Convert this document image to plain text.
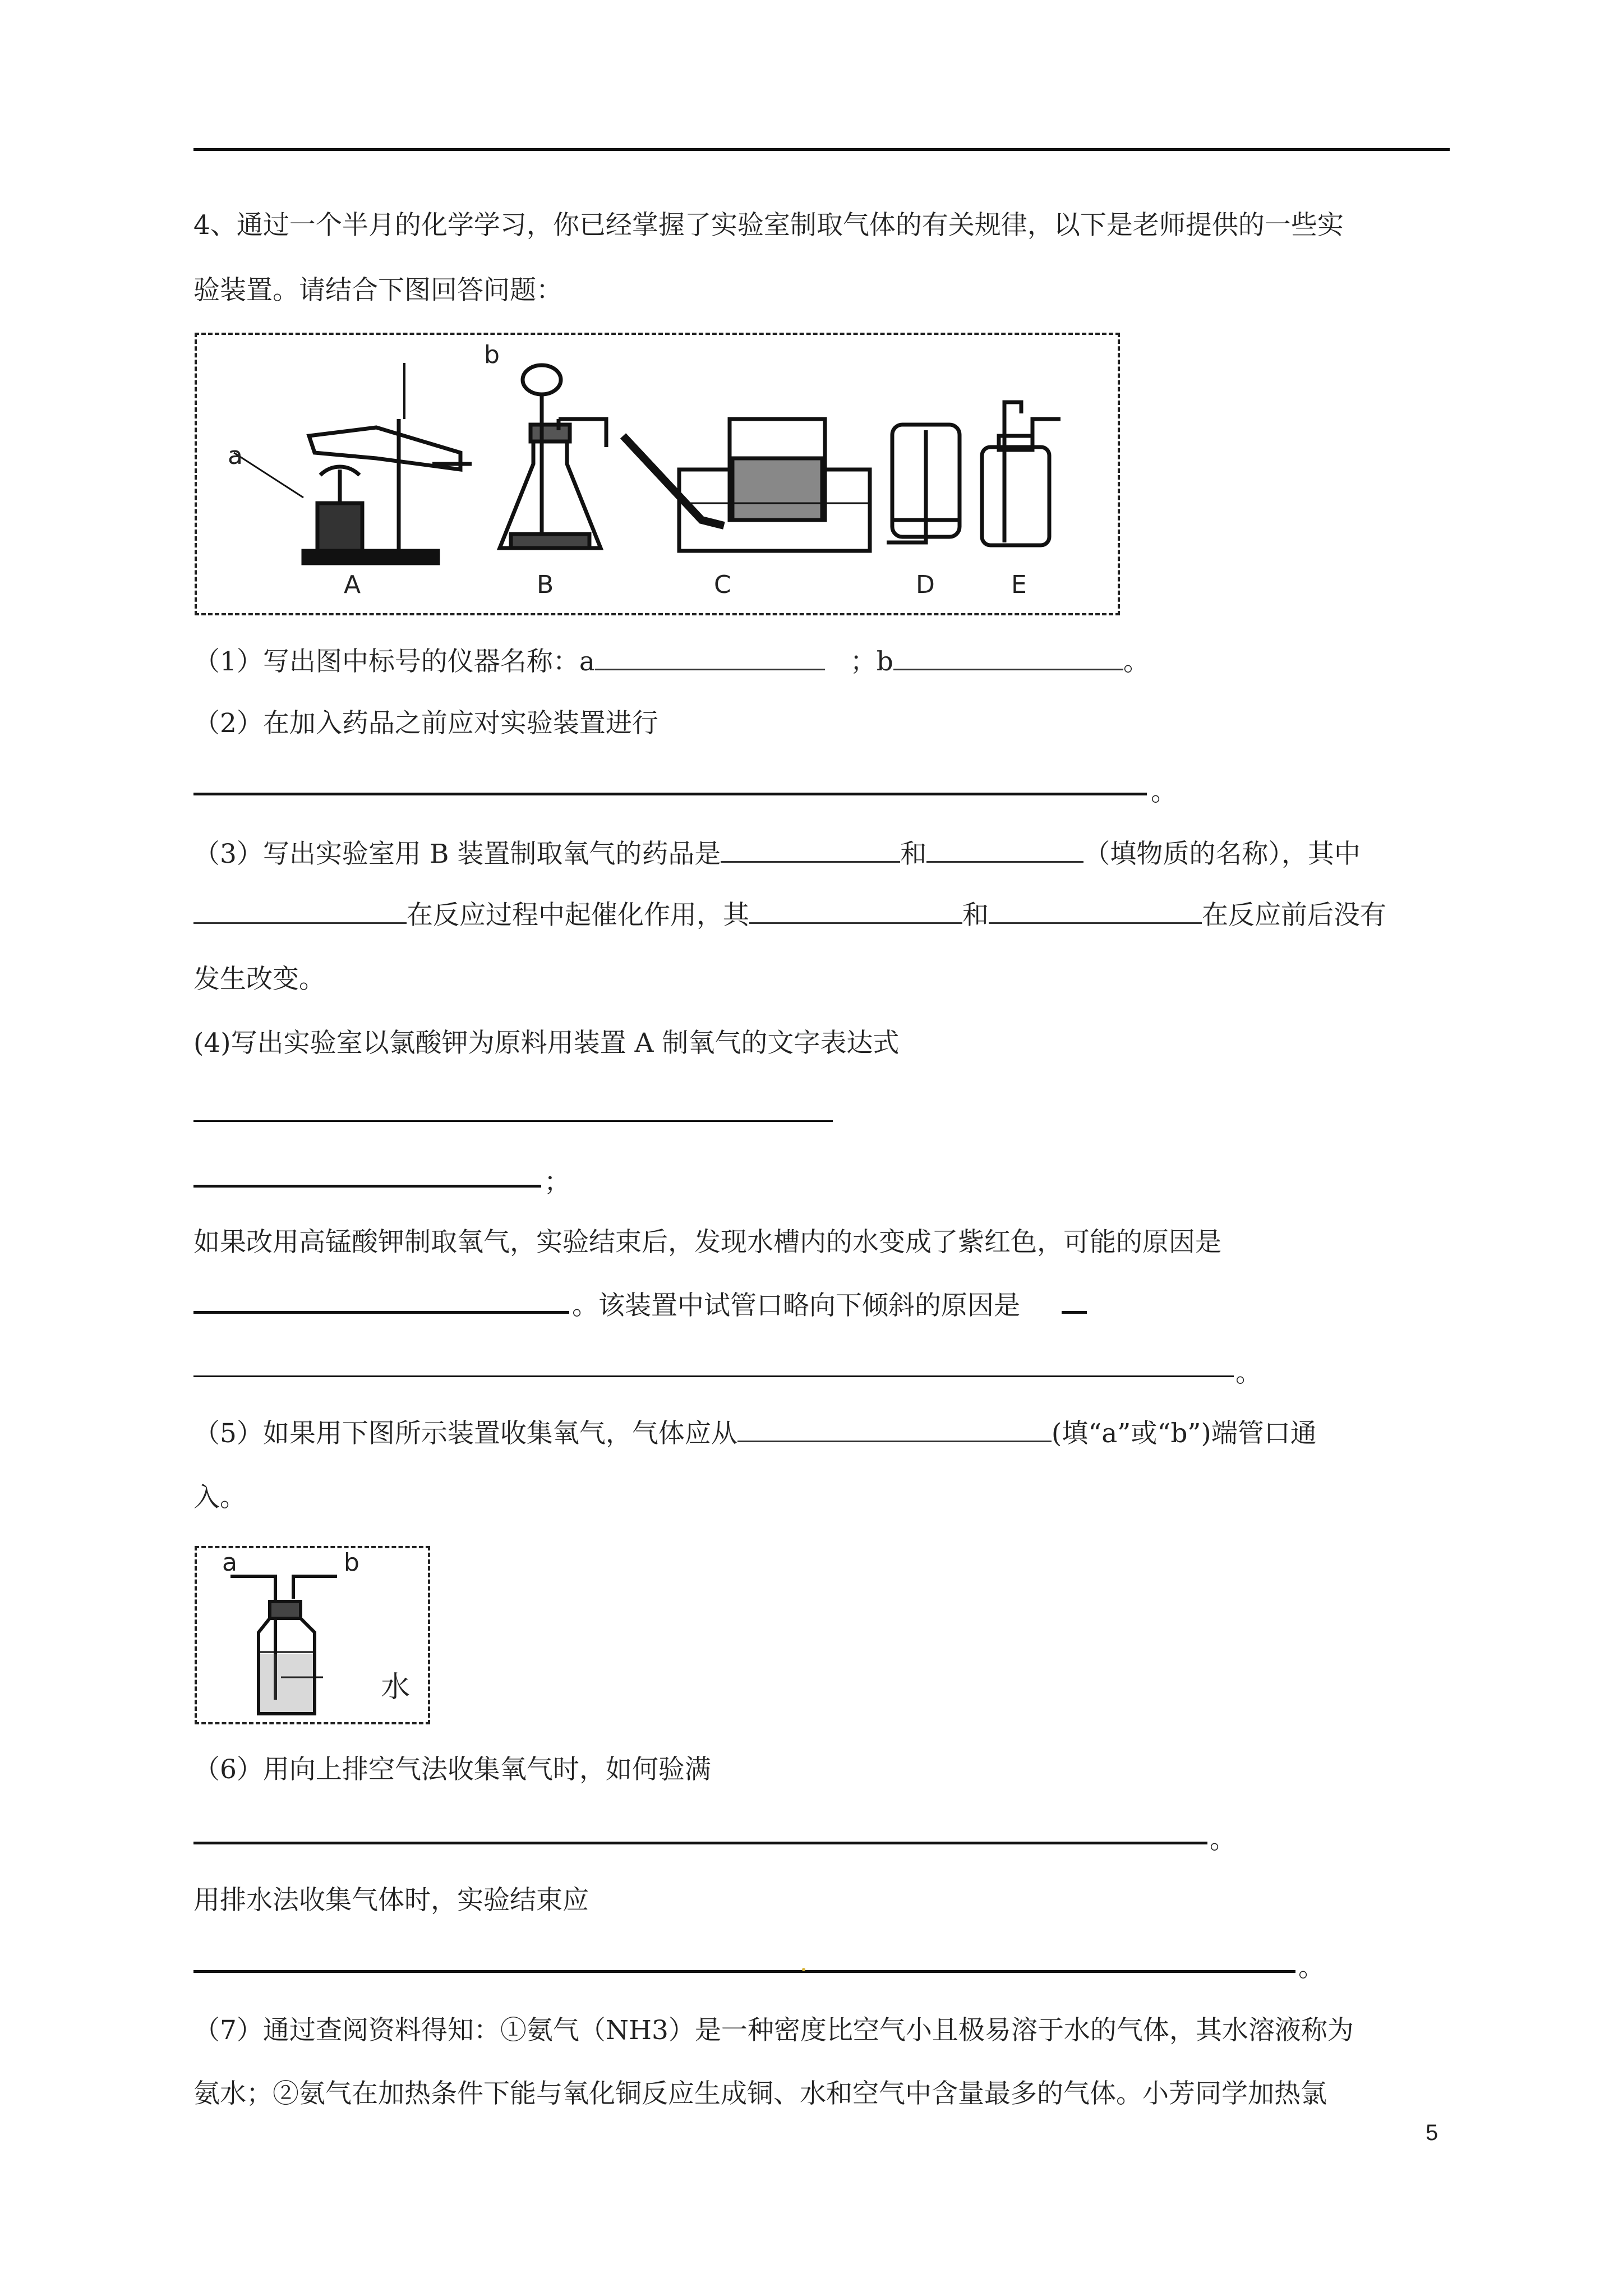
4、通过一个半月的化学学习，你已经掌握了实验室制取气体的有关规律，以下是老师提供的一些实
验装置。请结合下图回答问题：
a
b
A	B	C	D	E
（1）写出图中标号的仪器名称：a	；b	。
（2）在加入药品之前应对实验装置进行
。
（3）写出实验室用 B 装置制取氧气的药品是	和	（填物质的名称），其中
在反应过程中起催化作用，其	和	在反应前后没有
发生改变。
(4)写出实验室以氯酸钾为原料用装置 A 制氧气的文字表达式
；
如果改用高锰酸钾制取氧气，实验结束后，发现水槽内的水变成了紫红色，可能的原因是
。该装置中试管口略向下倾斜的原因是
。
（5）如果用下图所示装置收集氧气，气体应从	(填“a”或“b”)端管口通
入。
a	b
水
（6）用向上排空气法收集氧气时，如何验满
。
用排水法收集气体时，实验结束应
。
（7）通过查阅资料得知：①氨气（NH3）是一种密度比空气小且极易溶于水的气体，其水溶液称为
氨水；②氨气在加热条件下能与氧化铜反应生成铜、水和空气中含量最多的气体。小芳同学加热氯
5
